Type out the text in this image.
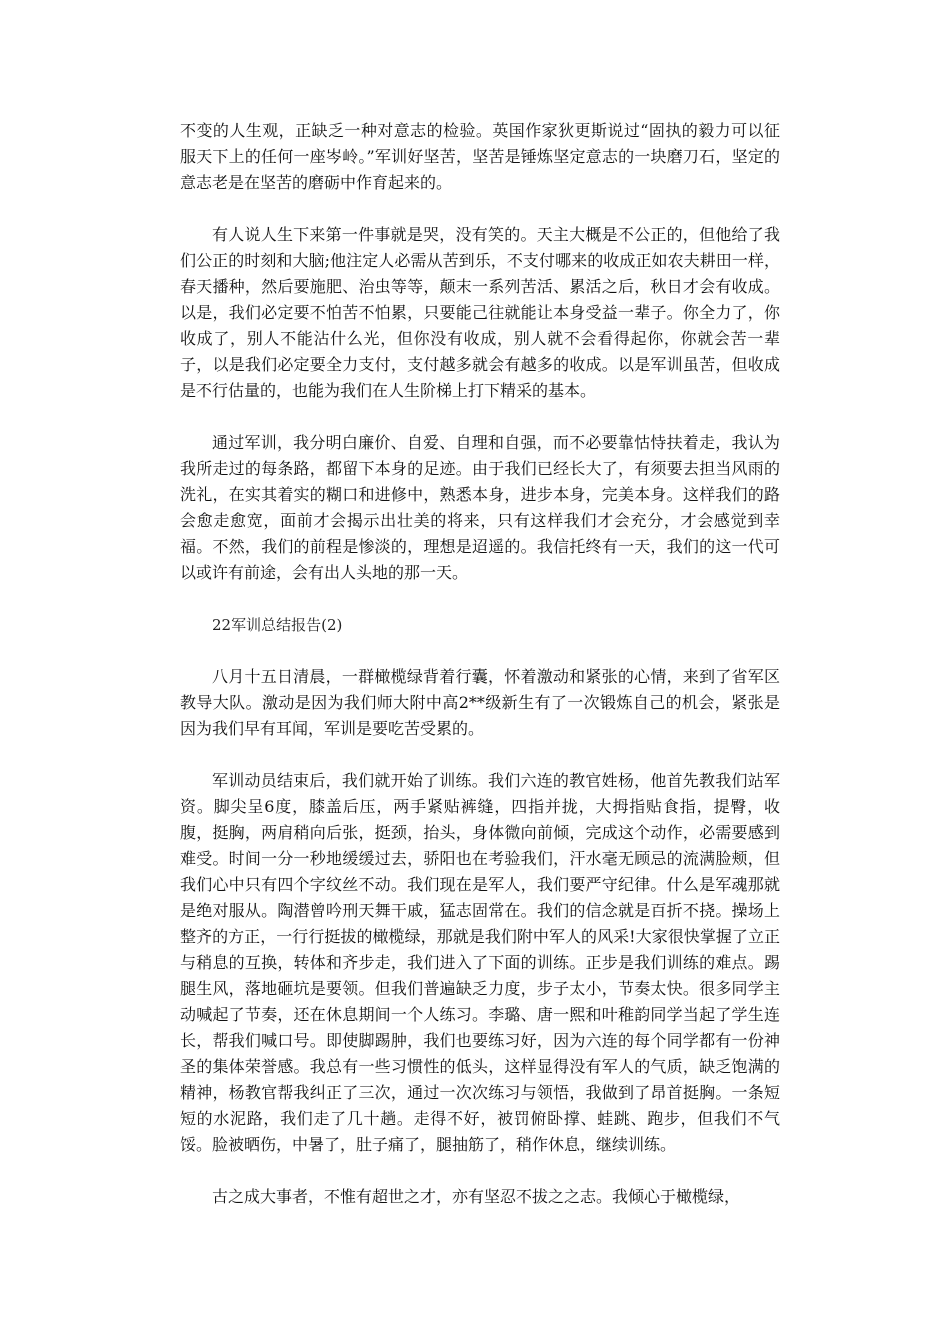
不变的人生观，正缺乏一种对意志的检验。英国作家狄更斯说过“固执的毅力可以征服天下上的任何一座岑岭。”军训好坚苦，坚苦是锤炼坚定意志的一块磨刀石，坚定的意志老是在坚苦的磨砺中作育起来的。

有人说人生下来第一件事就是哭，没有笑的。天主大概是不公正的，但他给了我们公正的时刻和大脑;他注定人必需从苦到乐，不支付哪来的收成正如农夫耕田一样，春天播种，然后要施肥、治虫等等，颠末一系列苦活、累活之后，秋日才会有收成。以是，我们必定要不怕苦不怕累，只要能己往就能让本身受益一辈子。你全力了，你收成了，别人不能沾什么光，但你没有收成，别人就不会看得起你，你就会苦一辈子，以是我们必定要全力支付，支付越多就会有越多的收成。以是军训虽苦，但收成是不行估量的，也能为我们在人生阶梯上打下精采的基本。

通过军训，我分明白廉价、自爱、自理和自强，而不必要靠怙恃扶着走，我认为我所走过的每条路，都留下本身的足迹。由于我们已经长大了，有须要去担当风雨的洗礼，在实其着实的糊口和进修中，熟悉本身，进步本身，完美本身。这样我们的路会愈走愈宽，面前才会揭示出壮美的将来，只有这样我们才会充分，才会感觉到幸福。不然，我们的前程是惨淡的，理想是迢遥的。我信托终有一天，我们的这一代可以或许有前途，会有出人头地的那一天。

22军训总结报告(2)

八月十五日清晨，一群橄榄绿背着行囊，怀着激动和紧张的心情，来到了省军区教导大队。激动是因为我们师大附中高2**级新生有了一次锻炼自己的机会，紧张是因为我们早有耳闻，军训是要吃苦受累的。

军训动员结束后，我们就开始了训练。我们六连的教官姓杨，他首先教我们站军资。脚尖呈6度，膝盖后压，两手紧贴裤缝，四指并拢，大拇指贴食指，提臀，收腹，挺胸，两肩稍向后张，挺颈，抬头，身体微向前倾，完成这个动作，必需要感到难受。时间一分一秒地缓缓过去，骄阳也在考验我们，汗水毫无顾忌的流满脸颊，但我们心中只有四个字纹丝不动。我们现在是军人，我们要严守纪律。什么是军魂那就是绝对服从。陶潜曾吟刑天舞干戚，猛志固常在。我们的信念就是百折不挠。操场上整齐的方正，一行行挺拔的橄榄绿，那就是我们附中军人的风采!大家很快掌握了立正与稍息的互换，转体和齐步走，我们进入了下面的训练。正步是我们训练的难点。踢腿生风，落地砸坑是要领。但我们普遍缺乏力度，步子太小，节奏太快。很多同学主动喊起了节奏，还在休息期间一个人练习。李璐、唐一熙和叶稚韵同学当起了学生连长，帮我们喊口号。即使脚踢肿，我们也要练习好，因为六连的每个同学都有一份神圣的集体荣誉感。我总有一些习惯性的低头，这样显得没有军人的气质，缺乏饱满的精神，杨教官帮我纠正了三次，通过一次次练习与领悟，我做到了昂首挺胸。一条短短的水泥路，我们走了几十趟。走得不好，被罚俯卧撑、蛙跳、跑步，但我们不气馁。脸被晒伤，中暑了，肚子痛了，腿抽筋了，稍作休息，继续训练。

古之成大事者，不惟有超世之才，亦有坚忍不拔之之志。我倾心于橄榄绿，
